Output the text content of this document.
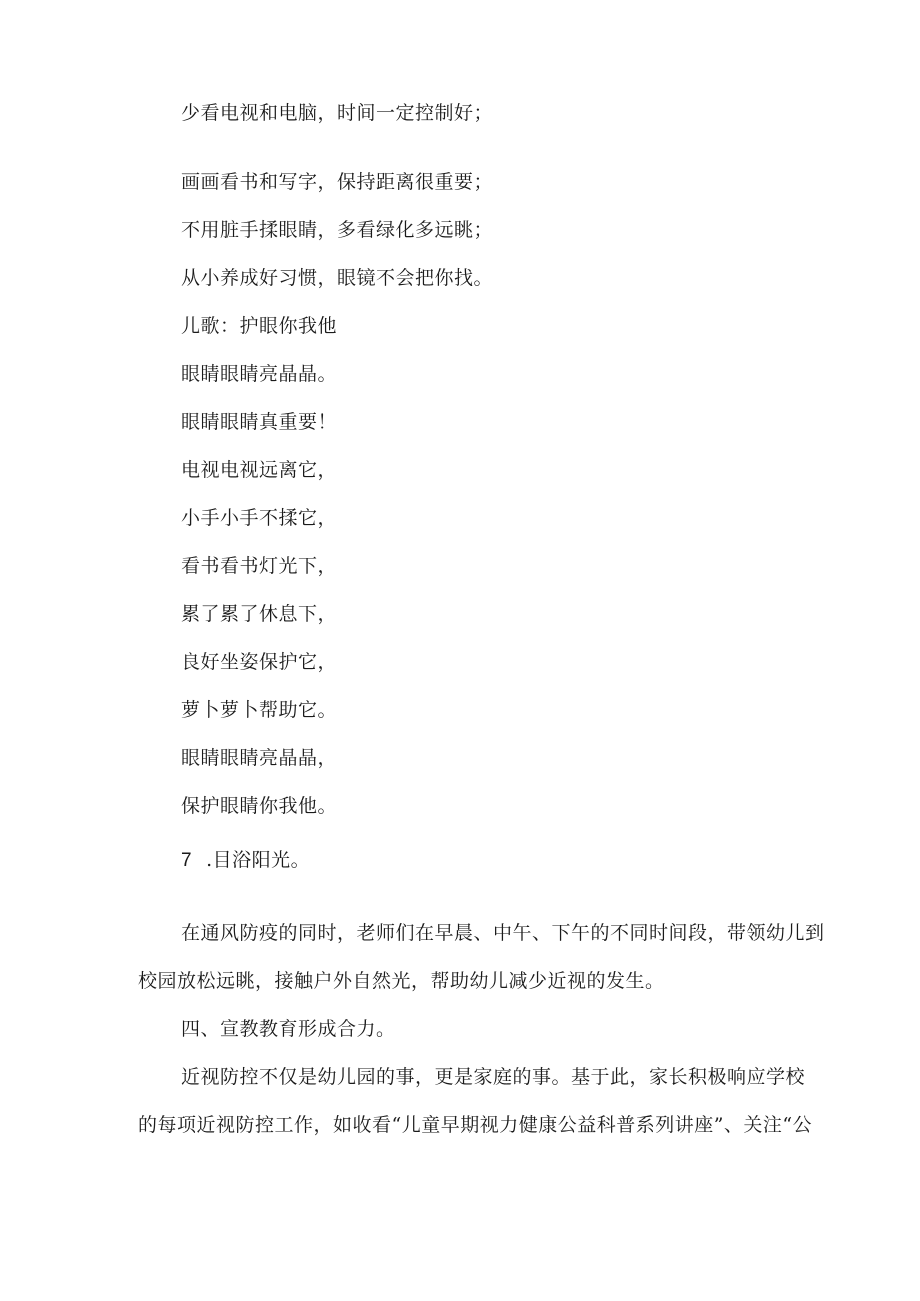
少看电视和电脑，时间一定控制好；
画画看书和写字，保持距离很重要；
不用脏手揉眼睛，多看绿化多远眺；
从小养成好习惯，眼镜不会把你找。
儿歌：护眼你我他
眼睛眼睛亮晶晶。
眼睛眼睛真重要！
电视电视远离它，
小手小手不揉它，
看书看书灯光下，
累了累了休息下，
良好坐姿保护它，
萝卜萝卜帮助它。
眼睛眼睛亮晶晶，
保护眼睛你我他。
7 .目浴阳光。
在通风防疫的同时，老师们在早晨、中午、下午的不同时间段，带领幼儿到
校园放松远眺，接触户外自然光，帮助幼儿减少近视的发生。
四、宣教教育形成合力。
近视防控不仅是幼儿园的事，更是家庭的事。基于此，家长积极响应学校
的每项近视防控工作，如收看“儿童早期视力健康公益科普系列讲座”、关注“公
